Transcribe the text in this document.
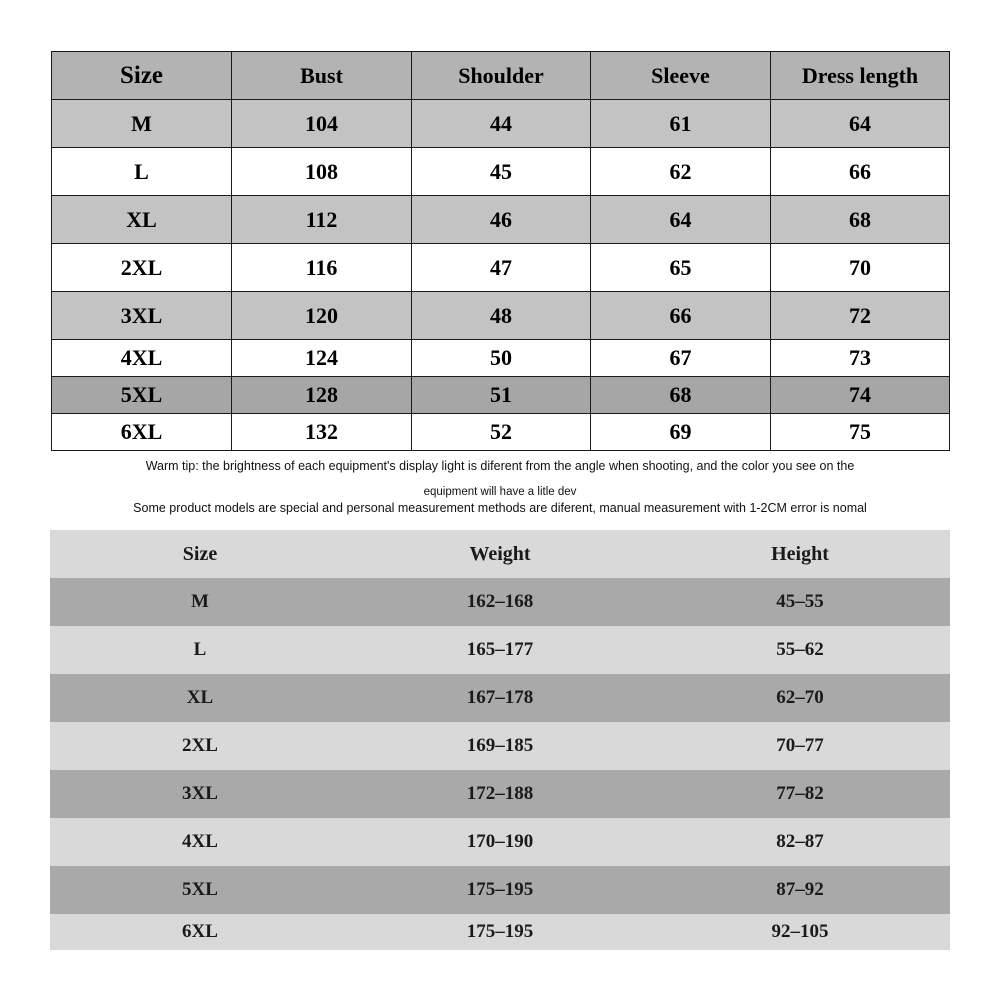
Size	Bust	Shoulder	Sleeve	Dress length
M	104	44	61	64
L	108	45	62	66
XL	112	46	64	68
2XL	116	47	65	70
3XL	120	48	66	72
4XL	124	50	67	73
5XL	128	51	68	74
6XL	132	52	69	75
Warm tip: the brightness of each equipment's display light is diferent from the angle when shooting, and the color you see on the
equipment will have a litle dev
Some product models are special and personal measurement methods are diferent, manual measurement with 1-2CM error is nomal
Size	Weight	Height
M	162–168	45–55
L	165–177	55–62
XL	167–178	62–70
2XL	169–185	70–77
3XL	172–188	77–82
4XL	170–190	82–87
5XL	175–195	87–92
6XL	175–195	92–105
